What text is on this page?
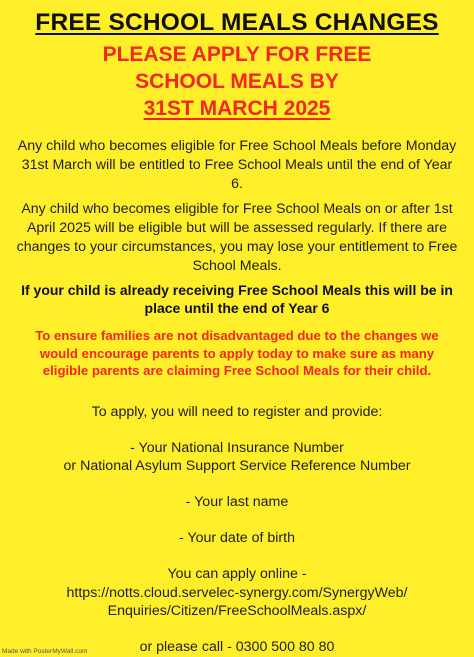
FREE SCHOOL MEALS CHANGES
PLEASE APPLY FOR FREE
SCHOOL MEALS BY
31ST MARCH 2025
Any child who becomes eligible for Free School Meals before Monday 31st March will be entitled to Free School Meals until the end of Year 6.
Any child who becomes eligible for Free School Meals on or after 1st April 2025 will be eligible but will be assessed regularly. If there are changes to your circumstances, you may lose your entitlement to Free School Meals.
If your child is already receiving Free School Meals this will be in place until the end of Year 6
To ensure families are not disadvantaged due to the changes we would encourage parents to apply today to make sure as many eligible parents are claiming Free School Meals for their child.
To apply, you will need to register and provide:
- Your National Insurance Number
or National Asylum Support Service Reference Number
- Your last name
- Your date of birth
You can apply online -
https://notts.cloud.servelec-synergy.com/SynergyWeb/
Enquiries/Citizen/FreeSchoolMeals.aspx/
or please call - 0300 500 80 80
Made with PosterMyWall.com
